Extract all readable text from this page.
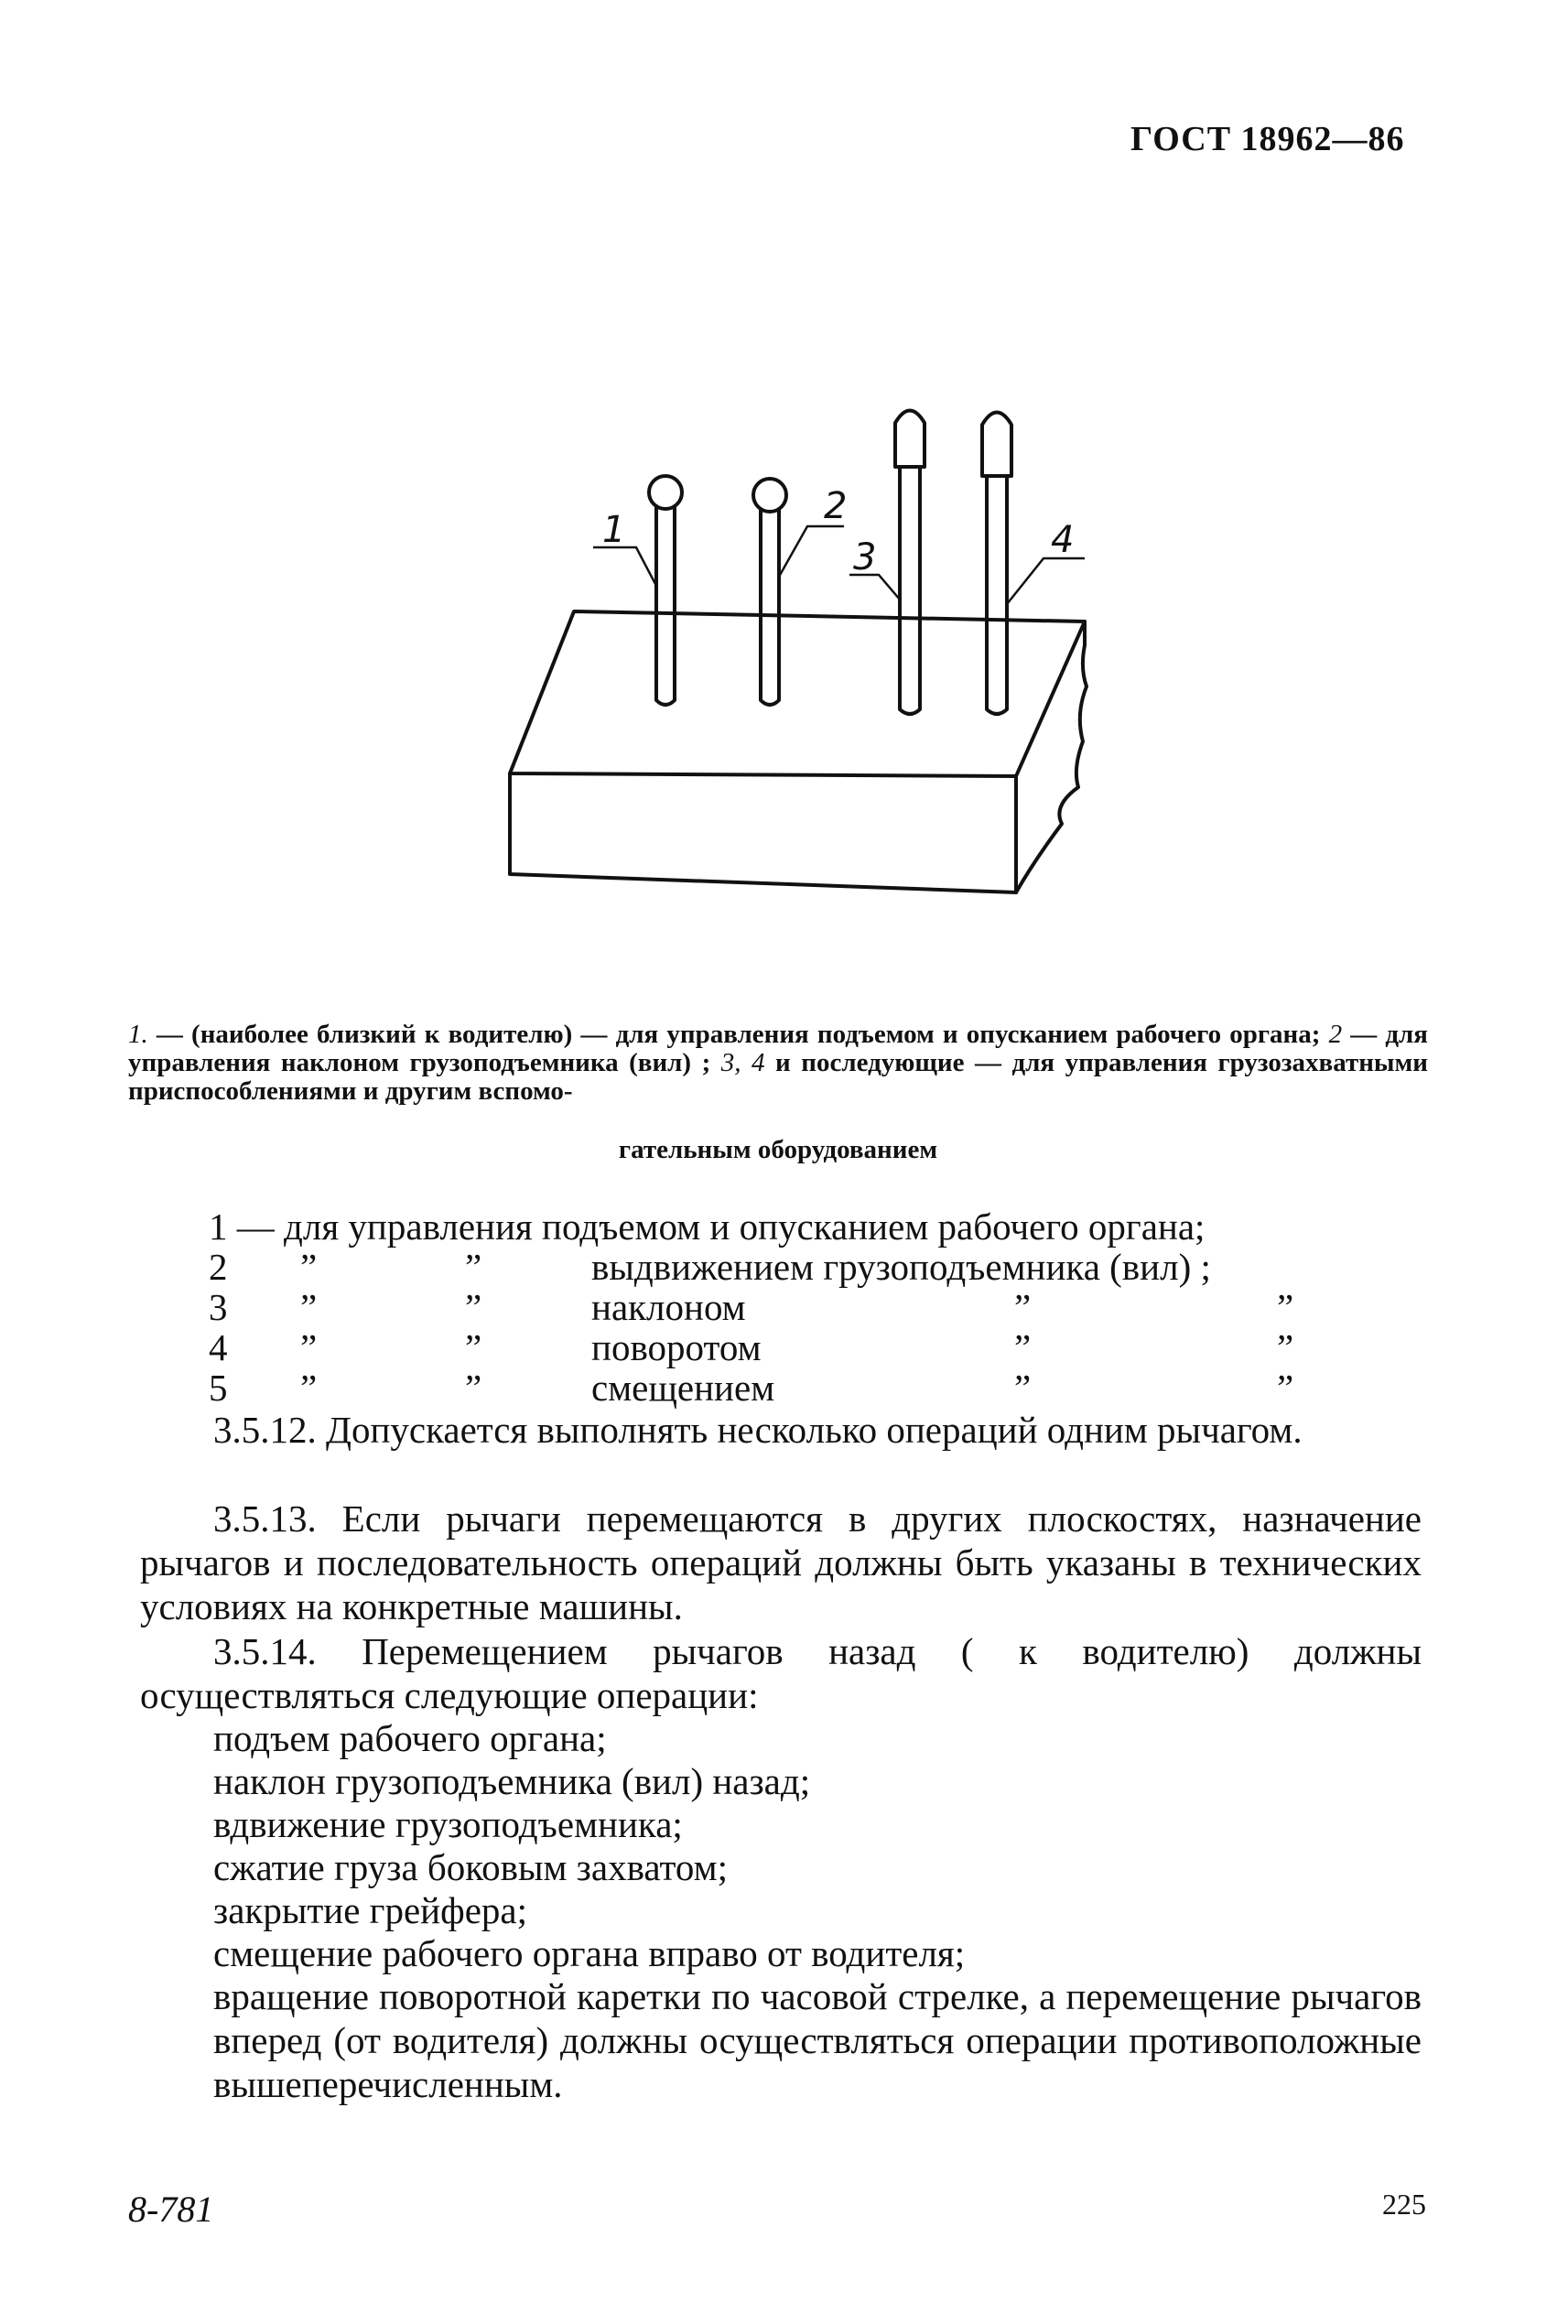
ГОСТ 18962—86
1
2
3	4
1. — (наиболее близкий к водителю) — для управления подъемом и опусканием рабочего органа; 2 — для управления наклоном грузоподъемника (вил) ; 3, 4 и последующие — для управления грузозахватными приспособлениями и другим вспомо-
гательным оборудованием
1 — для управления подъемом и опусканием рабочего органа;
2 ”	”	выдвижением грузоподъемника (вил) ;
3 ”	”	наклоном	”	”
4 ”	”	поворотом	”	”
5 ”	”	смещением	”	”

3.5.12. Допускается выполнять несколько операций одним рычагом.

3.5.13. Если рычаги перемещаются в других плоскостях, назначение рычагов и последовательность операций должны быть указаны в технических условиях на конкретные машины.

3.5.14. Перемещением рычагов назад ( к водителю) должны осуществляться следующие операции:

подъем рабочего органа;
наклон грузоподъемника (вил) назад;
вдвижение грузоподъемника;
сжатие груза боковым захватом;
закрытие грейфера;
смещение рабочего органа вправо от водителя;

вращение поворотной каретки по часовой стрелке, а перемещение рычагов вперед (от водителя) должны осуществляться операции противоположные вышеперечисленным.

8-781	225
